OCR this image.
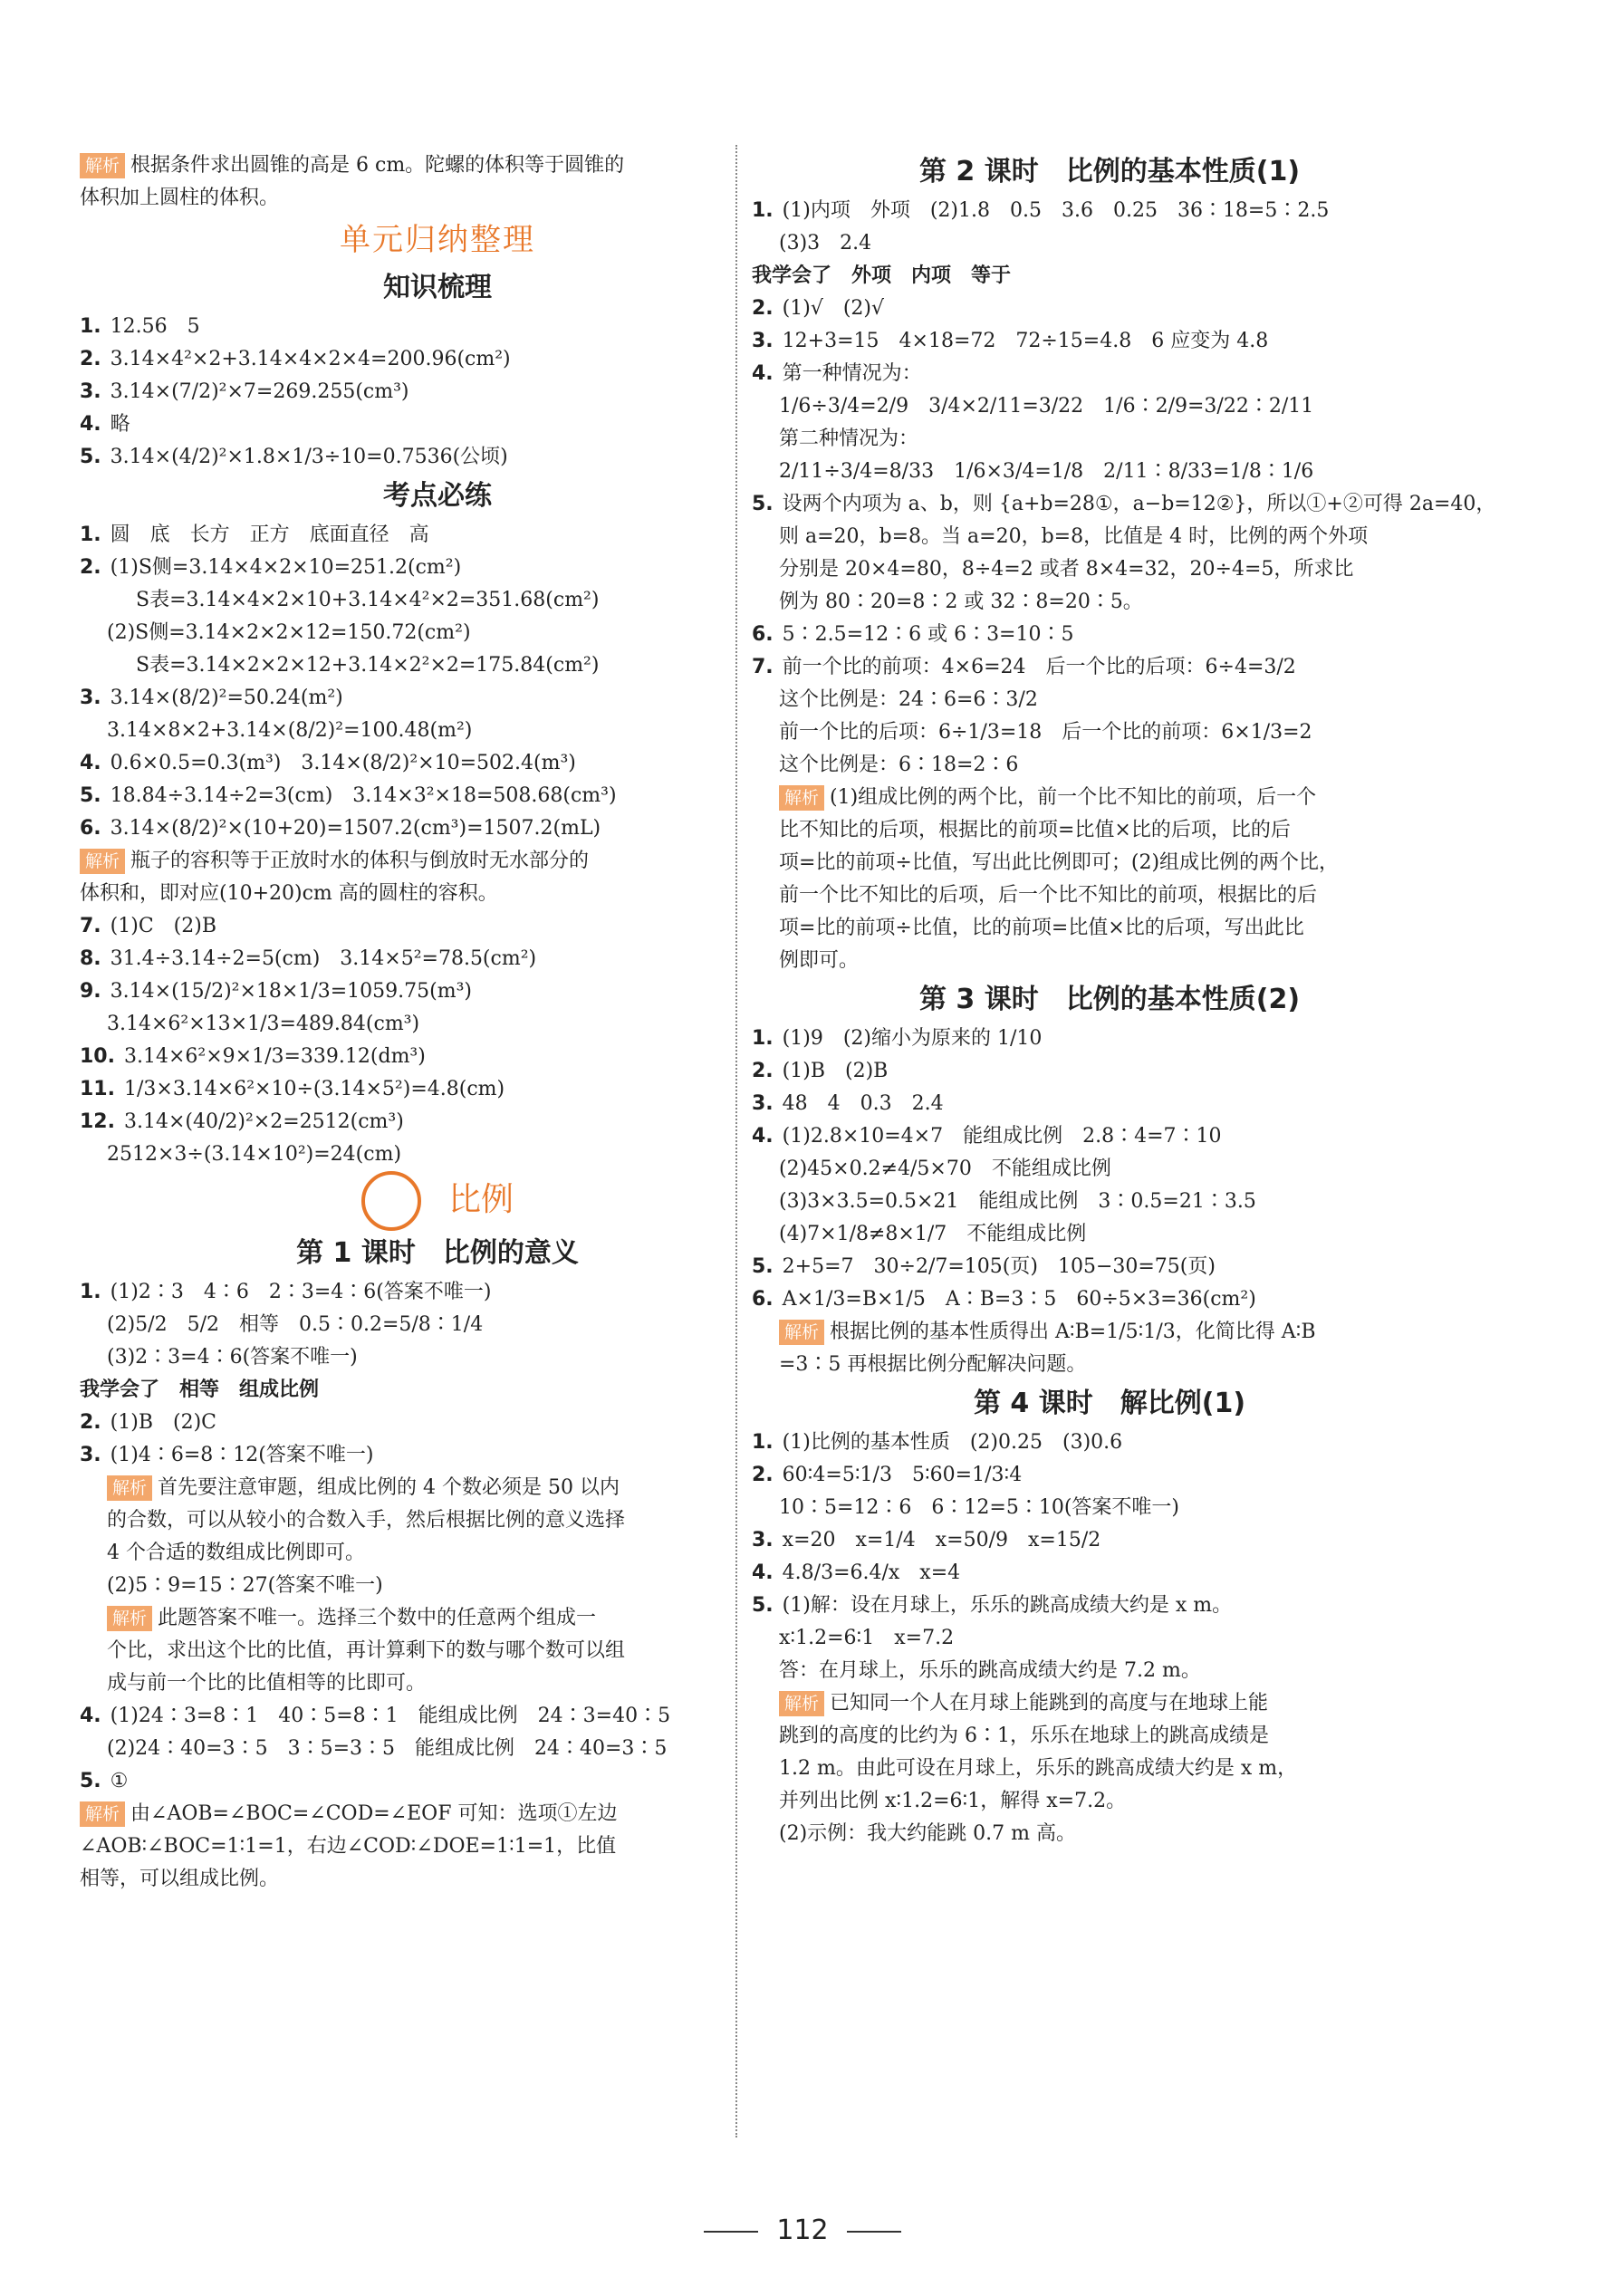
解析 根据条件求出圆锥的高是 6 cm。陀螺的体积等于圆锥的
体积加上圆柱的体积。
单元归纳整理
知识梳理
1. 12.56　5
2. 3.14×4²×2+3.14×4×2×4=200.96(cm²)
3. 3.14×(7/2)²×7=269.255(cm³)
4. 略
5. 3.14×(4/2)²×1.8×1/3÷10=0.7536(公顷)
考点必练
1. 圆　底　长方　正方　底面直径　高
2. (1)S侧=3.14×4×2×10=251.2(cm²)
S表=3.14×4×2×10+3.14×4²×2=351.68(cm²)
(2)S侧=3.14×2×2×12=150.72(cm²)
S表=3.14×2×2×12+3.14×2²×2=175.84(cm²)
3. 3.14×(8/2)²=50.24(m²)
3.14×8×2+3.14×(8/2)²=100.48(m²)
4. 0.6×0.5=0.3(m³)　3.14×(8/2)²×10=502.4(m³)
5. 18.84÷3.14÷2=3(cm)　3.14×3²×18=508.68(cm³)
6. 3.14×(8/2)²×(10+20)=1507.2(cm³)=1507.2(mL)
解析 瓶子的容积等于正放时水的体积与倒放时无水部分的
体积和，即对应(10+20)cm 高的圆柱的容积。
7. (1)C　(2)B
8. 31.4÷3.14÷2=5(cm)　3.14×5²=78.5(cm²)
9. 3.14×(15/2)²×18×1/3=1059.75(m³)
3.14×6²×13×1/3=489.84(cm³)
10. 3.14×6²×9×1/3=339.12(dm³)
11. 1/3×3.14×6²×10÷(3.14×5²)=4.8(cm)
12. 3.14×(40/2)²×2=2512(cm³)
2512×3÷(3.14×10²)=24(cm)
比例
第 1 课时　比例的意义
1. (1)2∶3　4∶6　2∶3=4∶6(答案不唯一)
(2)5/2　5/2　相等　0.5∶0.2=5/8∶1/4
(3)2∶3=4∶6(答案不唯一)
我学会了　相等　组成比例
2. (1)B　(2)C
3. (1)4∶6=8∶12(答案不唯一)
解析 首先要注意审题，组成比例的 4 个数必须是 50 以内
的合数，可以从较小的合数入手，然后根据比例的意义选择
4 个合适的数组成比例即可。
(2)5∶9=15∶27(答案不唯一)
解析 此题答案不唯一。选择三个数中的任意两个组成一
个比，求出这个比的比值，再计算剩下的数与哪个数可以组
成与前一个比的比值相等的比即可。
4. (1)24∶3=8∶1　40∶5=8∶1　能组成比例　24∶3=40∶5
(2)24∶40=3∶5　3∶5=3∶5　能组成比例　24∶40=3∶5
5. ①
解析 由∠AOB=∠BOC=∠COD=∠EOF 可知：选项①左边
∠AOB∶∠BOC=1∶1=1，右边∠COD∶∠DOE=1∶1=1，比值
相等，可以组成比例。
第 2 课时　比例的基本性质(1)
1. (1)内项　外项　(2)1.8　0.5　3.6　0.25　36∶18=5∶2.5
(3)3　2.4
我学会了　外项　内项　等于
2. (1)√　(2)√
3. 12+3=15　4×18=72　72÷15=4.8　6 应变为 4.8
4. 第一种情况为：
1/6÷3/4=2/9　3/4×2/11=3/22　1/6∶2/9=3/22∶2/11
第二种情况为：
2/11÷3/4=8/33　1/6×3/4=1/8　2/11∶8/33=1/8∶1/6
5. 设两个内项为 a、b，则 {a+b=28①，a−b=12②}，所以①+②可得 2a=40，
则 a=20，b=8。当 a=20，b=8，比值是 4 时，比例的两个外项
分别是 20×4=80，8÷4=2 或者 8×4=32，20÷4=5，所求比
例为 80∶20=8∶2 或 32∶8=20∶5。
6. 5∶2.5=12∶6 或 6∶3=10∶5
7. 前一个比的前项：4×6=24　后一个比的后项：6÷4=3/2
这个比例是：24∶6=6∶3/2
前一个比的后项：6÷1/3=18　后一个比的前项：6×1/3=2
这个比例是：6∶18=2∶6
解析 (1)组成比例的两个比，前一个比不知比的前项，后一个
比不知比的后项，根据比的前项=比值×比的后项，比的后
项=比的前项÷比值，写出此比例即可；(2)组成比例的两个比，
前一个比不知比的后项，后一个比不知比的前项，根据比的后
项=比的前项÷比值，比的前项=比值×比的后项，写出此比
例即可。
第 3 课时　比例的基本性质(2)
1. (1)9　(2)缩小为原来的 1/10
2. (1)B　(2)B
3. 48　4　0.3　2.4
4. (1)2.8×10=4×7　能组成比例　2.8∶4=7∶10
(2)45×0.2≠4/5×70　不能组成比例
(3)3×3.5=0.5×21　能组成比例　3∶0.5=21∶3.5
(4)7×1/8≠8×1/7　不能组成比例
5. 2+5=7　30÷2/7=105(页)　105−30=75(页)
6. A×1/3=B×1/5　A∶B=3∶5　60÷5×3=36(cm²)
解析 根据比例的基本性质得出 A∶B=1/5∶1/3，化简比得 A∶B
=3∶5 再根据比例分配解决问题。
第 4 课时　解比例(1)
1. (1)比例的基本性质　(2)0.25　(3)0.6
2. 60∶4=5∶1/3　5∶60=1/3∶4
10∶5=12∶6　6∶12=5∶10(答案不唯一)
3. x=20　x=1/4　x=50/9　x=15/2
4. 4.8/3=6.4/x　x=4
5. (1)解：设在月球上，乐乐的跳高成绩大约是 x m。
x∶1.2=6∶1　x=7.2
答：在月球上，乐乐的跳高成绩大约是 7.2 m。
解析 已知同一个人在月球上能跳到的高度与在地球上能
跳到的高度的比约为 6∶1，乐乐在地球上的跳高成绩是
1.2 m。由此可设在月球上，乐乐的跳高成绩大约是 x m，
并列出比例 x∶1.2=6∶1，解得 x=7.2。
(2)示例：我大约能跳 0.7 m 高。
112
